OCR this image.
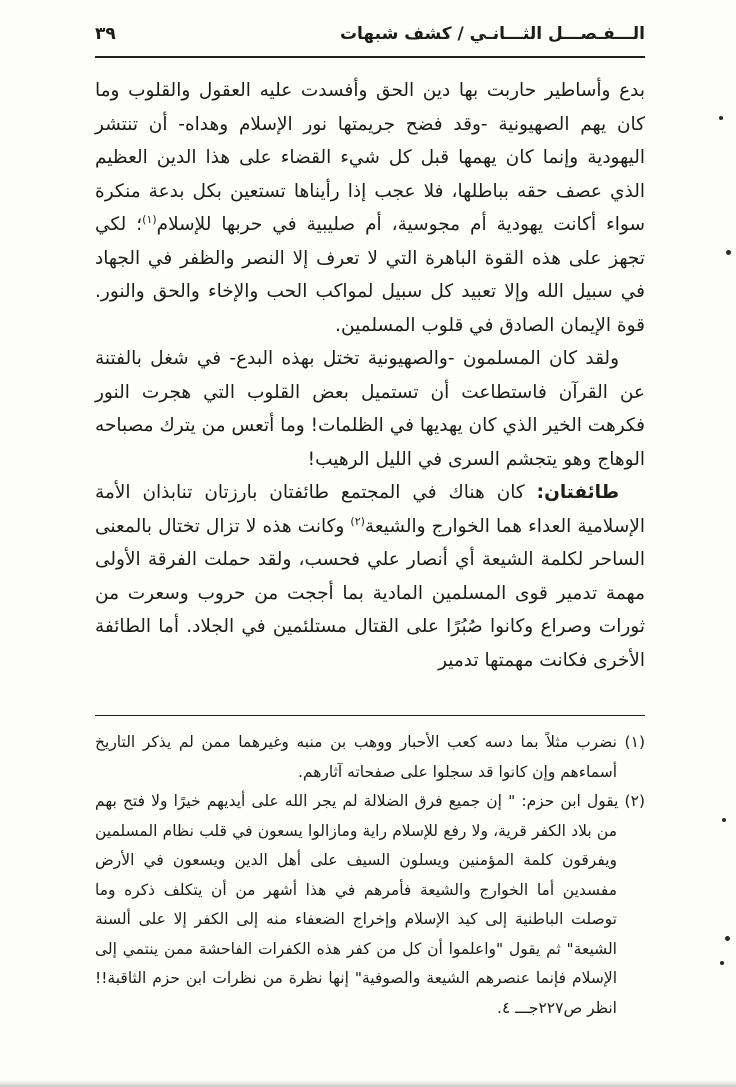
الـــفـصـــل الثـــانـي / كشف شبهات
٣٩

بدع وأساطير حاربت بها دين الحق وأفسدت عليه العقول والقلوب وما كان يهم الصهيونية -وقد فضح جريمتها نور الإسلام وهداه- أن تنتشر اليهودية وإنما كان يهمها قبل كل شيء القضاء على هذا الدين العظيم الذي عصف حقه بباطلها، فلا عجب إذا رأيناها تستعين بكل بدعة منكرة سواء أكانت يهودية أم مجوسية، أم صليبية في حربها للإسلام$^{(١)}$؛ لكي تجهز على هذه القوة الباهرة التي لا تعرف إلا النصر والظفر في الجهاد في سبيل الله وإلا تعبيد كل سبيل لمواكب الحب والإخاء والحق والنور. قوة الإيمان الصادق في قلوب المسلمين.

ولقد كان المسلمون -والصهيونية تختل بهذه البدع- في شغل بالفتنة عن القرآن فاستطاعت أن تستميل بعض القلوب التي هجرت النور فكرهت الخير الذي كان يهديها في الظلمات! وما أتعس من يترك مصباحه الوهاج وهو يتجشم السرى في الليل الرهيب!

طائفتان: كان هناك في المجتمع طائفتان بارزتان تنابذان الأمة الإسلامية العداء هما الخوارج والشيعة$^{(٢)}$ وكانت هذه لا تزال تختال بالمعنى الساحر لكلمة الشيعة أي أنصار علي فحسب، ولقد حملت الفرقة الأولى مهمة تدمير قوى المسلمين المادية بما أججت من حروب وسعرت من ثورات وصراع وكانوا صُبُرًا على القتال مستلئمين في الجلاد. أما الطائفة الأخرى فكانت مهمتها تدمير

(١) نضرب مثلاً بما دسه كعب الأحبار ووهب بن منبه وغيرهما ممن لم يذكر التاريخ أسماءهم وإن كانوا قد سجلوا على صفحاته آثارهم.

(٢) يقول ابن حزم: " إن جميع فرق الضلالة لم يجر الله على أيديهم خيرًا ولا فتح بهم من بلاد الكفر قرية، ولا رفع للإسلام راية ومازالوا يسعون في قلب نظام المسلمين ويفرقون كلمة المؤمنين ويسلون السيف على أهل الدين ويسعون في الأرض مفسدين أما الخوارج والشيعة فأمرهم في هذا أشهر من أن يتكلف ذكره وما توصلت الباطنية إلى كيد الإسلام وإخراج الضعفاء منه إلى الكفر إلا على ألسنة الشيعة" ثم يقول "واعلموا أن كل من كفر هذه الكفرات الفاحشة ممن ينتمي إلى الإسلام فإنما عنصرهم الشيعة والصوفية" إنها نظرة من نظرات ابن حزم الثاقبة!! انظر ص٢٢٧جـــ ٤.
